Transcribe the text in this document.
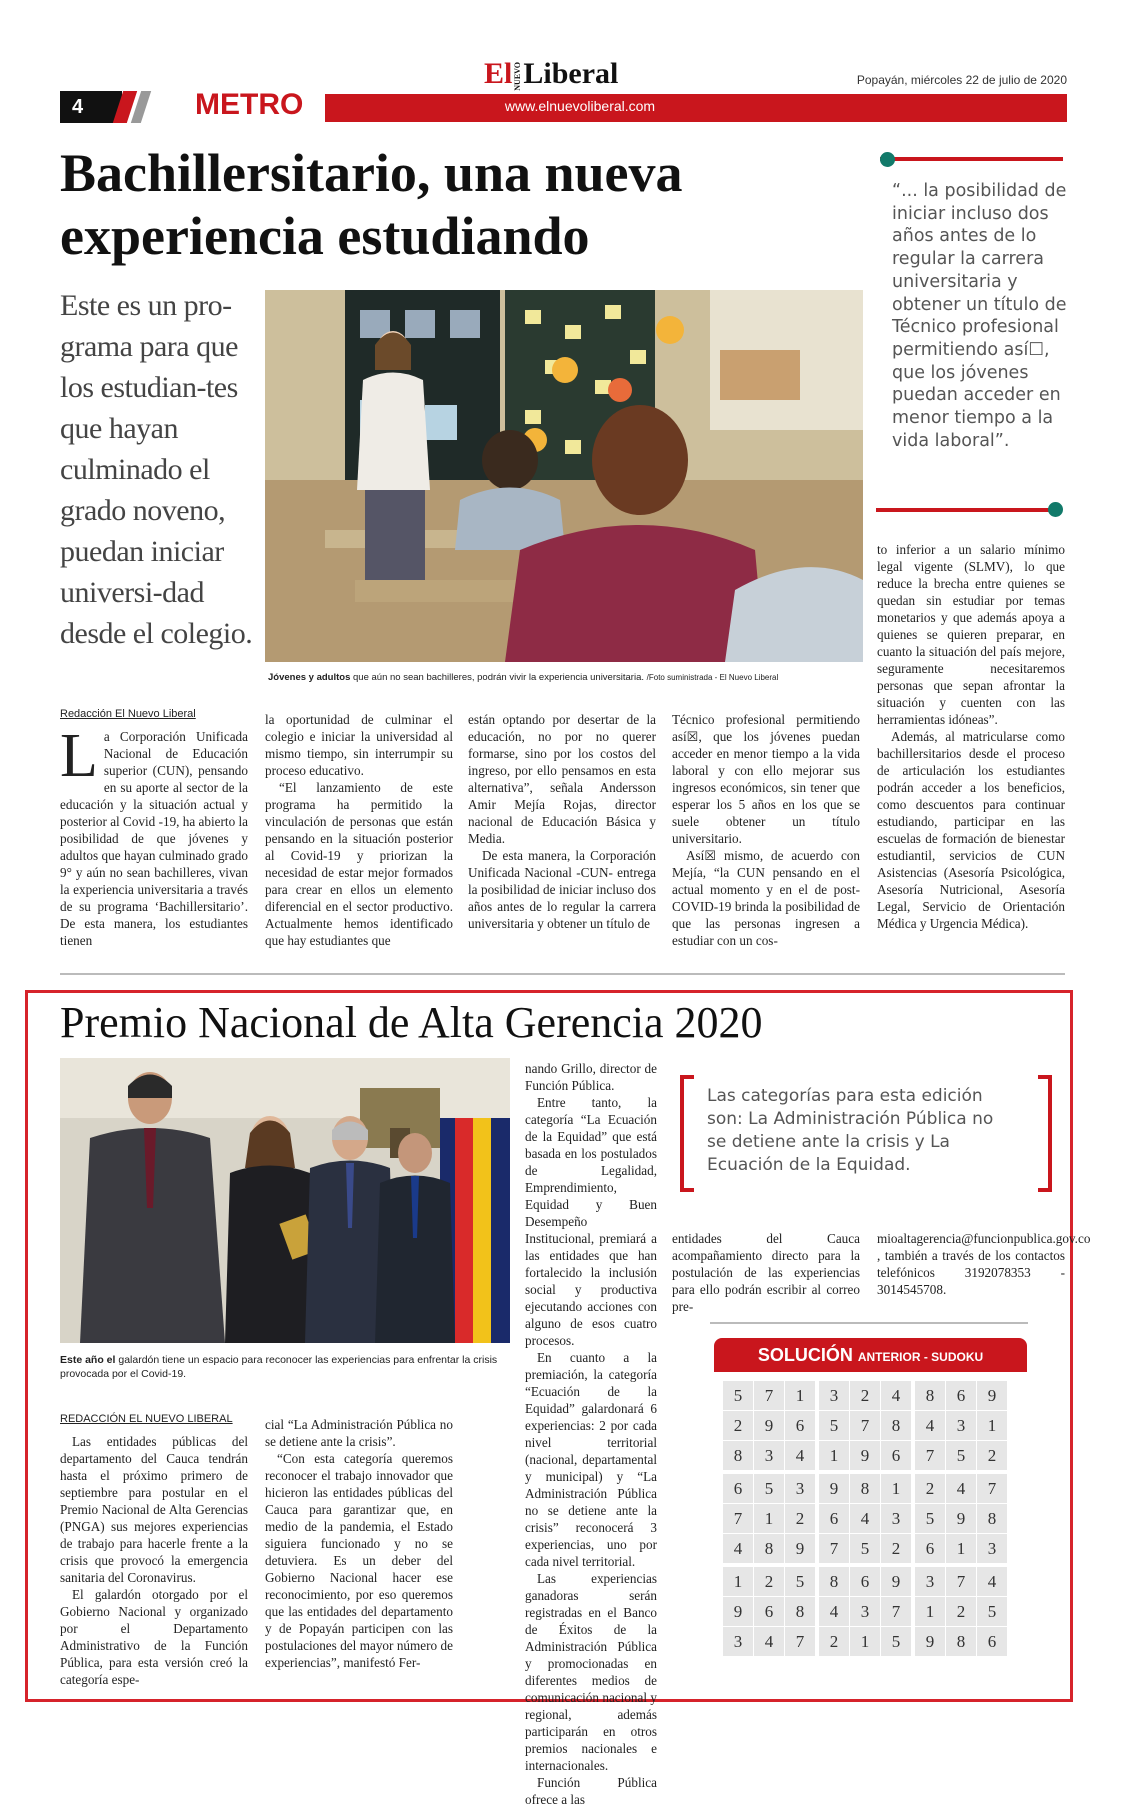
4	METRO	www.elnuevoliberal.com
ElNUEVOLiberal	Popayán, miércoles 22 de julio de 2020
Bachillersitario, una nueva experiencia estudiando
Este es un pro-grama para que los estudian-tes que hayan culminado el grado noveno, puedan iniciar universi-dad desde el colegio.
Jóvenes y adultos que aún no sean bachilleres, podrán vivir la experiencia universitaria. /Foto suministrada - El Nuevo Liberal
“... la posibilidad de iniciar incluso dos años antes de lo regular la carrera universitaria y obtener un título de Técnico profesional permitiendo así☐, que los jóvenes puedan acceder en menor tiempo a la vida laboral”.
Redacción El Nuevo Liberal
La Corporación Unificada Nacional de Educación superior (CUN), pensando en su aporte al sector de la educación y la situación actual y posterior al Covid -19, ha abierto la posibilidad de que jóvenes y adultos que hayan culminado grado 9° y aún no sean bachilleres, vivan la experiencia universitaria a través de su programa ‘Bachillersitario’. De esta manera, los estudiantes tienen

la oportunidad de culminar el colegio e iniciar la universidad al mismo tiempo, sin interrumpir su proceso educativo.

“El lanzamiento de este programa ha permitido la vinculación de personas que están pensando en la situación posterior al Covid-19 y priorizan la necesidad de estar mejor formados para crear en ellos un elemento diferencial en el sector productivo. Actualmente hemos identificado que hay estudiantes que

están optando por desertar de la educación, no por no querer formarse, sino por los costos del ingreso, por ello pensamos en esta alternativa”, señala Andersson Amir Mejía Rojas, director nacional de Educación Básica y Media.

De esta manera, la Corporación Unificada Nacional -CUN- entrega la posibilidad de iniciar incluso dos años antes de lo regular la carrera universitaria y obtener un título de

Técnico profesional permitiendo así☒, que los jóvenes puedan acceder en menor tiempo a la vida laboral y con ello mejorar sus ingresos económicos, sin tener que esperar los 5 años en los que se suele obtener un título universitario.

Así☒ mismo, de acuerdo con Mejía, “la CUN pensando en el actual momento y en el de post- COVID-19 brinda la posibilidad de que las personas ingresen a estudiar con un cos-

to inferior a un salario mínimo legal vigente (SLMV), lo que reduce la brecha entre quienes se quedan sin estudiar por temas monetarios y que además apoya a quienes se quieren preparar, en cuanto la situación del país mejore, seguramente necesitaremos personas que sepan afrontar la situación y cuenten con las herramientas idóneas”.

Además, al matricularse como bachillersitarios desde el proceso de articulación los estudiantes podrán acceder a los beneficios, como descuentos para continuar estudiando, participar en las escuelas de formación de bienestar estudiantil, servicios de CUN Asistencias (Asesoría Psicológica, Asesoría Nutricional, Asesoría Legal, Servicio de Orientación Médica y Urgencia Médica).

Premio Nacional de Alta Gerencia 2020
Este año el galardón tiene un espacio para reconocer las experiencias para enfrentar la crisis provocada por el Covid-19.
REDACCIÓN EL NUEVO LIBERAL

Las entidades públicas del departamento del Cauca tendrán hasta el próximo primero de septiembre para postular en el Premio Nacional de Alta Gerencias (PNGA) sus mejores experiencias de trabajo para hacerle frente a la crisis que provocó la emergencia sanitaria del Coronavirus.

El galardón otorgado por el Gobierno Nacional y organizado por el Departamento Administrativo de la Función Pública, para esta versión creó la categoría espe-

cial “La Administración Pública no se detiene ante la crisis”.

“Con esta categoría queremos reconocer el trabajo innovador que hicieron las entidades públicas del Cauca para garantizar que, en medio de la pandemia, el Estado siguiera funcionado y no se detuviera. Es un deber del Gobierno Nacional hacer ese reconocimiento, por eso queremos que las entidades del departamento y de Popayán participen con las postulaciones del mayor número de experiencias”, manifestó Fer-

nando Grillo, director de Función Pública.

Entre tanto, la categoría “La Ecuación de la Equidad” que está basada en los postulados de Legalidad, Emprendimiento, Equidad y Buen Desempeño Institucional, premiará a las entidades que han fortalecido la inclusión social y productiva ejecutando acciones con alguno de esos cuatro procesos.

En cuanto a la premiación, la categoría “Ecuación de la Equidad” galardonará 6 experiencias: 2 por cada nivel territorial (nacional, departamental y municipal) y “La Administración Pública no se detiene ante la crisis” reconocerá 3 experiencias, uno por cada nivel territorial.

Las experiencias ganadoras serán registradas en el Banco de Éxitos de la Administración Pública y promocionadas en diferentes medios de comunicación nacional y regional, además participarán en otros premios nacionales e internacionales.

Función Pública ofrece a las

Las categorías para esta edición son: La Administración Pública no se detiene ante la crisis y La Ecuación de la Equidad.
entidades del Cauca acompañamiento directo para la postulación de las experiencias para ello podrán escribir al correo pre-
mioaltagerencia@funcionpublica.gov.co , también a través de los contactos telefónicos 3192078353 - 3014545708.
SOLUCIÓN ANTERIOR - SUDOKU
5	7	1	3	2	4	8	6	9
2	9	6	5	7	8	4	3	1
8	3	4	1	9	6	7	5	2
6	5	3	9	8	1	2	4	7
7	1	2	6	4	3	5	9	8
4	8	9	7	5	2	6	1	3
1	2	5	8	6	9	3	7	4
9	6	8	4	3	7	1	2	5
3	4	7	2	1	5	9	8	6
